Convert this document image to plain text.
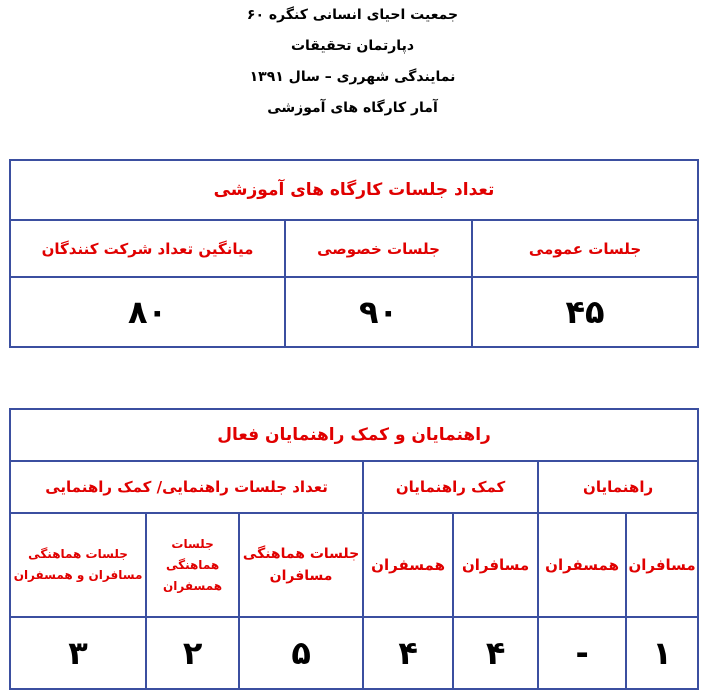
جمعیت احیای انسانی کنگره ۶۰
دپارتمان تحقیقات
نمایندگی شهرری – سال ۱۳۹۱
آمار کارگاه های آموزشی
تعداد جلسات کارگاه های آموزشی		
جلسات عمومی	جلسات خصوصی	میانگین تعداد شرکت کنندگان
۴۵	۹۰	۸۰
راهنمایان و کمک راهنمایان فعال						
راهنمایان		کمک راهنمایان		تعداد جلسات راهنمایی/ کمک راهنمایی		
مسافران	همسفران	مسافران	همسفران	جلسات هماهنگی مسافران	جلسات هماهنگی همسفران	جلسات هماهنگی مسافران و همسفران
۱	-	۴	۴	۵	۲	۳
